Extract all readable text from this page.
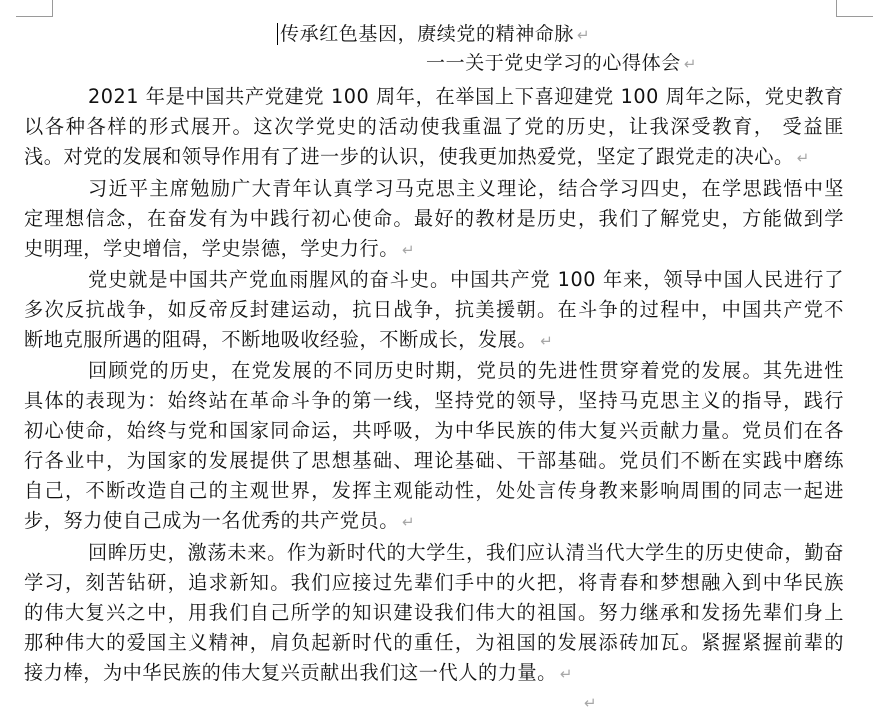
传承红色基因，赓续党的精神命脉 ↵
一一关于党史学习的心得体会 ↵
2021 年是中国共产党建党 100 周年，在举国上下喜迎建党 100 周年之际，党史教育
以各种各样的形式展开。这次学党史的活动使我重温了党的历史，让我深受教育， 受益匪
浅。对党的发展和领导作用有了进一步的认识，使我更加热爱党，坚定了跟党走的决心。 ↵
习近平主席勉励广大青年认真学习马克思主义理论，结合学习四史，在学思践悟中坚
定理想信念，在奋发有为中践行初心使命。最好的教材是历史，我们了解党史，方能做到学
史明理，学史增信，学史崇德，学史力行。 ↵
党史就是中国共产党血雨腥风的奋斗史。中国共产党 100 年来，领导中国人民进行了
多次反抗战争，如反帝反封建运动，抗日战争，抗美援朝。在斗争的过程中，中国共产党不
断地克服所遇的阻碍，不断地吸收经验，不断成长，发展。 ↵
回顾党的历史，在党发展的不同历史时期，党员的先进性贯穿着党的发展。其先进性
具体的表现为：始终站在革命斗争的第一线，坚持党的领导，坚持马克思主义的指导，践行
初心使命，始终与党和国家同命运，共呼吸，为中华民族的伟大复兴贡献力量。党员们在各
行各业中，为国家的发展提供了思想基础、理论基础、干部基础。党员们不断在实践中磨练
自己，不断改造自己的主观世界，发挥主观能动性，处处言传身教来影响周围的同志一起进
步，努力使自己成为一名优秀的共产党员。 ↵
回眸历史，激荡未来。作为新时代的大学生，我们应认清当代大学生的历史使命，勤奋
学习，刻苦钻研，追求新知。我们应接过先辈们手中的火把，将青春和梦想融入到中华民族
的伟大复兴之中，用我们自己所学的知识建设我们伟大的祖国。努力继承和发扬先辈们身上
那种伟大的爱国主义精神，肩负起新时代的重任，为祖国的发展添砖加瓦。紧握紧握前辈的
接力棒，为中华民族的伟大复兴贡献出我们这一代人的力量。 ↵
↵
